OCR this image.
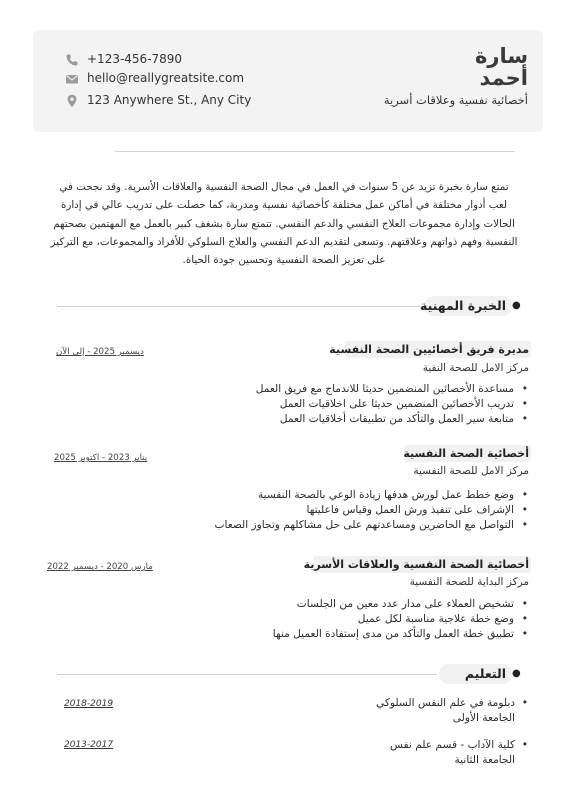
+123-456-7890
hello@reallygreatsite.com
123 Anywhere St., Any City
سارة
أحمد
أخصائية نفسية وعلاقات أسرية
تمتع سارة بخبرة تزيد عن 5 سنوات في العمل في مجال الصحة النفسية والعلاقات الأسرية. وقد نجحت في لعب أدوار مختلفة في أماكن عمل مختلفة كأخصائية نفسية ومدربة، كما حصلت على تدريب عالي في إدارة الحالات وإدارة مجموعات العلاج النفسي والدعم النفسي. تتمتع سارة بشغف كبير بالعمل مع المهتمين بصحتهم النفسية وفهم ذواتهم وعلاقتهم. وتسعى لتقديم الدعم النفسي والعلاج السلوكي للأفراد والمجموعات، مع التركيز على تعزيز الصحة النفسية وتحسين جودة الحياة.
الخبرة المهنية ●
مديرة فريق أخصائيين الصحة النفسية
مركز الامل للصحة النفية
ديسمبر 2025 - إلى الآن
• مساعدة الأخصائين المنضمين حديثا للاندماج مع فريق العمل
• تدريب الأخصائين المنضمين حديثا على اخلاقيات العمل
• متابعة سير العمل والتأكد من تطبيقات أخلاقيات العمل
أخصائية الصحة النفسية
مركز الامل للصحة النفسية
يناير 2023 - اكتوبر 2025
• وضع خطط عمل لورش هدفها زيادة الوعي بالصحة النفسية
• الإشراف على تنفيذ ورش العمل وقياس فاعليتها
• التواصل مع الحاضرين ومساعدتهم على حل مشاكلهم وتجاوز الصعاب
أخصائية الصحة النفسية والعلاقات الأسرية
مركز البداية للصحة النفسية
مارس 2020 - ديسمبر 2022
• تشخيص العملاء على مدار عدد معين من الجلسات
• وضع خطة علاجية مناسبة لكل عميل
• تطبيق خطة العمل والتأكد من مدى إستفادة العميل منها
التعليم ●
•
دبلومة في علم النفس السلوكي
الجامعة الأولى
2018-2019
•
كلية الآداب - قسم علم نفس
الجامعة الثانية
2013-2017
